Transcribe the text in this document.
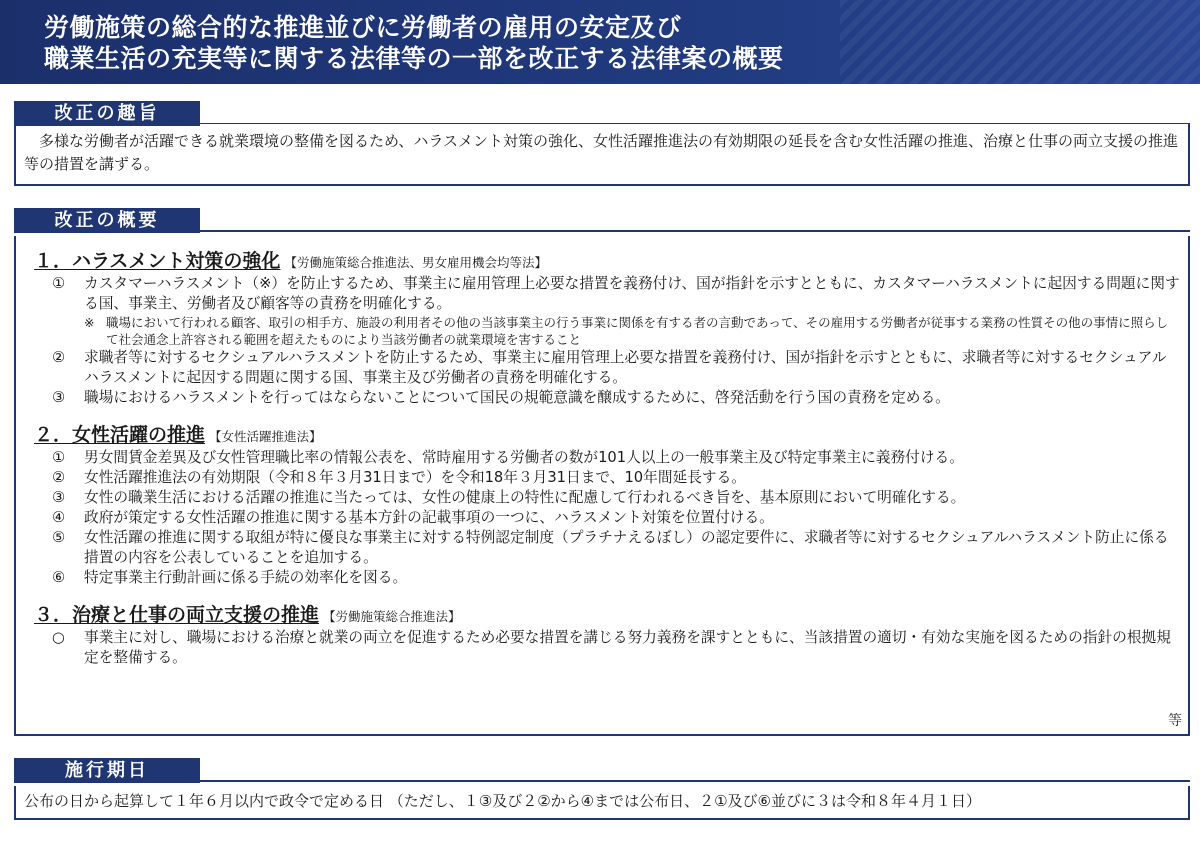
労働施策の総合的な推進並びに労働者の雇用の安定及び
職業生活の充実等に関する法律等の一部を改正する法律案の概要
改正の趣旨
　多様な労働者が活躍できる就業環境の整備を図るため、ハラスメント対策の強化、女性活躍推進法の有効期限の延長を含む女性活躍の推進、治療と仕事の両立支援の推進等の措置を講ずる。
改正の概要
１．ハラスメント対策の強化 【労働施策総合推進法、男女雇用機会均等法】
①	カスタマーハラスメント（※）を防止するため、事業主に雇用管理上必要な措置を義務付け、国が指針を示すとともに、カスタマーハラスメントに起因する問題に関する国、事業主、労働者及び顧客等の責務を明確化する。
※ 職場において行われる顧客、取引の相手方、施設の利用者その他の当該事業主の行う事業に関係を有する者の言動であって、その雇用する労働者が従事する業務の性質その他の事情に照らして社会通念上許容される範囲を超えたものにより当該労働者の就業環境を害すること
②	求職者等に対するセクシュアルハラスメントを防止するため、事業主に雇用管理上必要な措置を義務付け、国が指針を示すとともに、求職者等に対するセクシュアルハラスメントに起因する問題に関する国、事業主及び労働者の責務を明確化する。
③	職場におけるハラスメントを行ってはならないことについて国民の規範意識を醸成するために、啓発活動を行う国の責務を定める。
２．女性活躍の推進 【女性活躍推進法】
①	男女間賃金差異及び女性管理職比率の情報公表を、常時雇用する労働者の数が101人以上の一般事業主及び特定事業主に義務付ける。
②	女性活躍推進法の有効期限（令和８年３月31日まで）を令和18年３月31日まで、10年間延長する。
③	女性の職業生活における活躍の推進に当たっては、女性の健康上の特性に配慮して行われるべき旨を、基本原則において明確化する。
④	政府が策定する女性活躍の推進に関する基本方針の記載事項の一つに、ハラスメント対策を位置付ける。
⑤	女性活躍の推進に関する取組が特に優良な事業主に対する特例認定制度（プラチナえるぼし）の認定要件に、求職者等に対するセクシュアルハラスメント防止に係る措置の内容を公表していることを追加する。
⑥	特定事業主行動計画に係る手続の効率化を図る。
３．治療と仕事の両立支援の推進 【労働施策総合推進法】
○	事業主に対し、職場における治療と就業の両立を促進するため必要な措置を講じる努力義務を課すとともに、当該措置の適切・有効な実施を図るための指針の根拠規定を整備する。
等
施行期日
公布の日から起算して１年６月以内で政令で定める日 （ただし、１③及び２②から④までは公布日、２①及び⑥並びに３は令和８年４月１日）
